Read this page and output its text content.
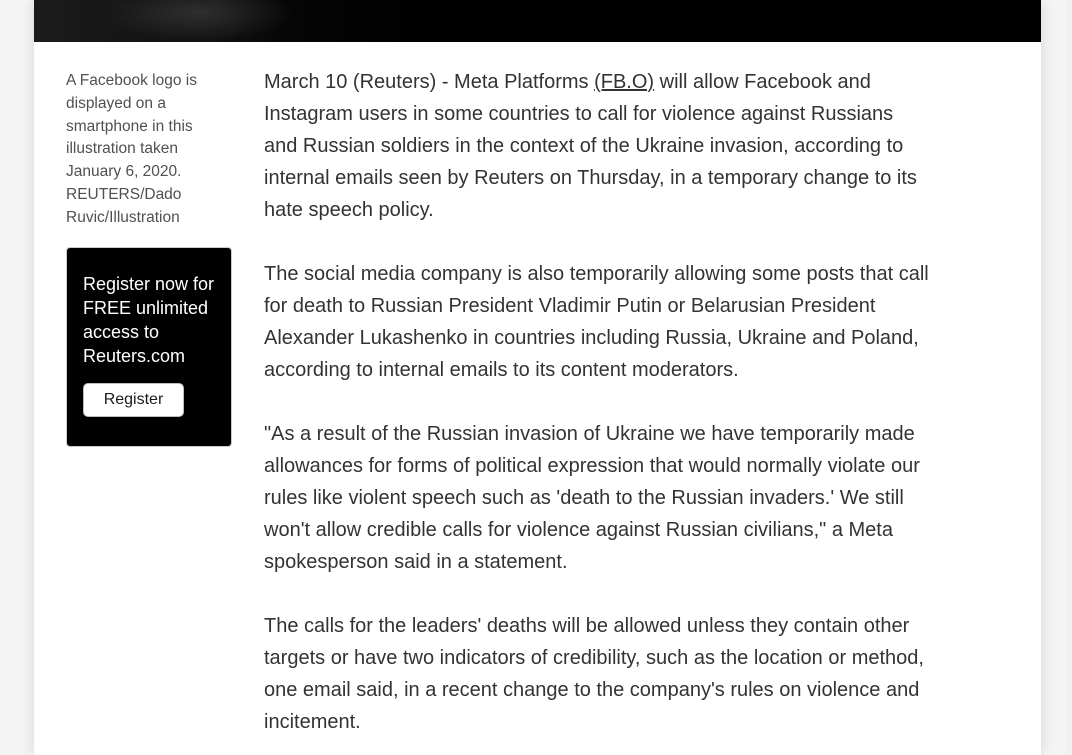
A Facebook logo is displayed on a smartphone in this illustration taken January 6, 2020. REUTERS/Dado Ruvic/Illustration

Register now for FREE unlimited access to Reuters.com

Register

March 10 (Reuters) - Meta Platforms (FB.O) will allow Facebook and Instagram users in some countries to call for violence against Russians and Russian soldiers in the context of the Ukraine invasion, according to internal emails seen by Reuters on Thursday, in a temporary change to its hate speech policy.

The social media company is also temporarily allowing some posts that call for death to Russian President Vladimir Putin or Belarusian President Alexander Lukashenko in countries including Russia, Ukraine and Poland, according to internal emails to its content moderators.

"As a result of the Russian invasion of Ukraine we have temporarily made allowances for forms of political expression that would normally violate our rules like violent speech such as 'death to the Russian invaders.' We still won't allow credible calls for violence against Russian civilians," a Meta spokesperson said in a statement.

The calls for the leaders' deaths will be allowed unless they contain other targets or have two indicators of credibility, such as the location or method, one email said, in a recent change to the company's rules on violence and incitement.
